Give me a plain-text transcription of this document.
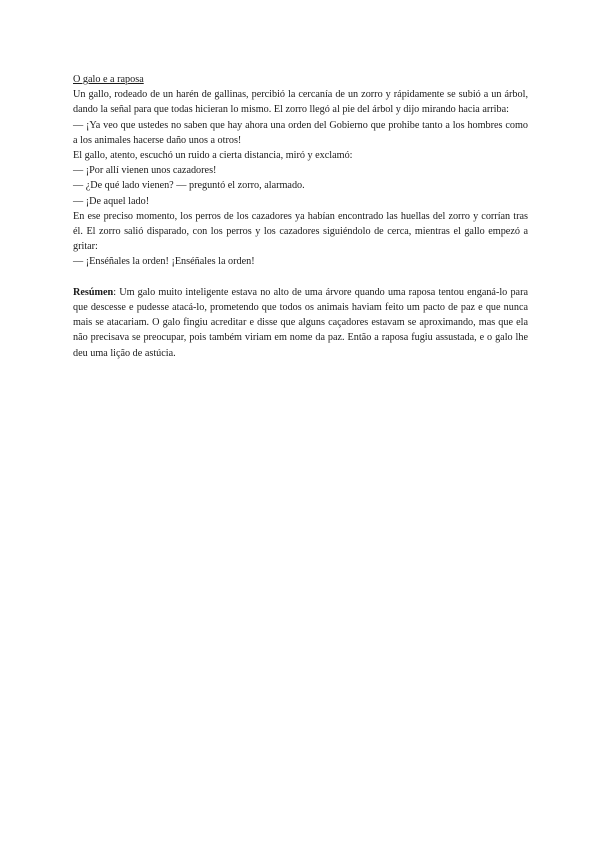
O galo e a raposa

Un gallo, rodeado de un harén de gallinas, percibió la cercanía de un zorro y rápidamente se subió a un árbol, dando la señal para que todas hicieran lo mismo. El zorro llegó al pie del árbol y dijo mirando hacia arriba:

— ¡Ya veo que ustedes no saben que hay ahora una orden del Gobierno que prohibe tanto a los hombres como a los animales hacerse daño unos a otros!

El gallo, atento, escuchó un ruido a cierta distancia, miró y exclamó:

— ¡Por allí vienen unos cazadores!

— ¿De qué lado vienen? — preguntó el zorro, alarmado.

— ¡De aquel lado!

En ese preciso momento, los perros de los cazadores ya habían encontrado las huellas del zorro y corrían tras él. El zorro salió disparado, con los perros y los cazadores siguiéndolo de cerca, mientras el gallo empezó a gritar:

— ¡Enséñales la orden! ¡Enséñales la orden!

Resúmen: Um galo muito inteligente estava no alto de uma árvore quando uma raposa tentou enganá-lo para que descesse e pudesse atacá-lo, prometendo que todos os animais haviam feito um pacto de paz e que nunca mais se atacariam. O galo fingiu acreditar e disse que alguns caçadores estavam se aproximando, mas que ela não precisava se preocupar, pois também viriam em nome da paz. Então a raposa fugiu assustada, e o galo lhe deu uma lição de astúcia.
